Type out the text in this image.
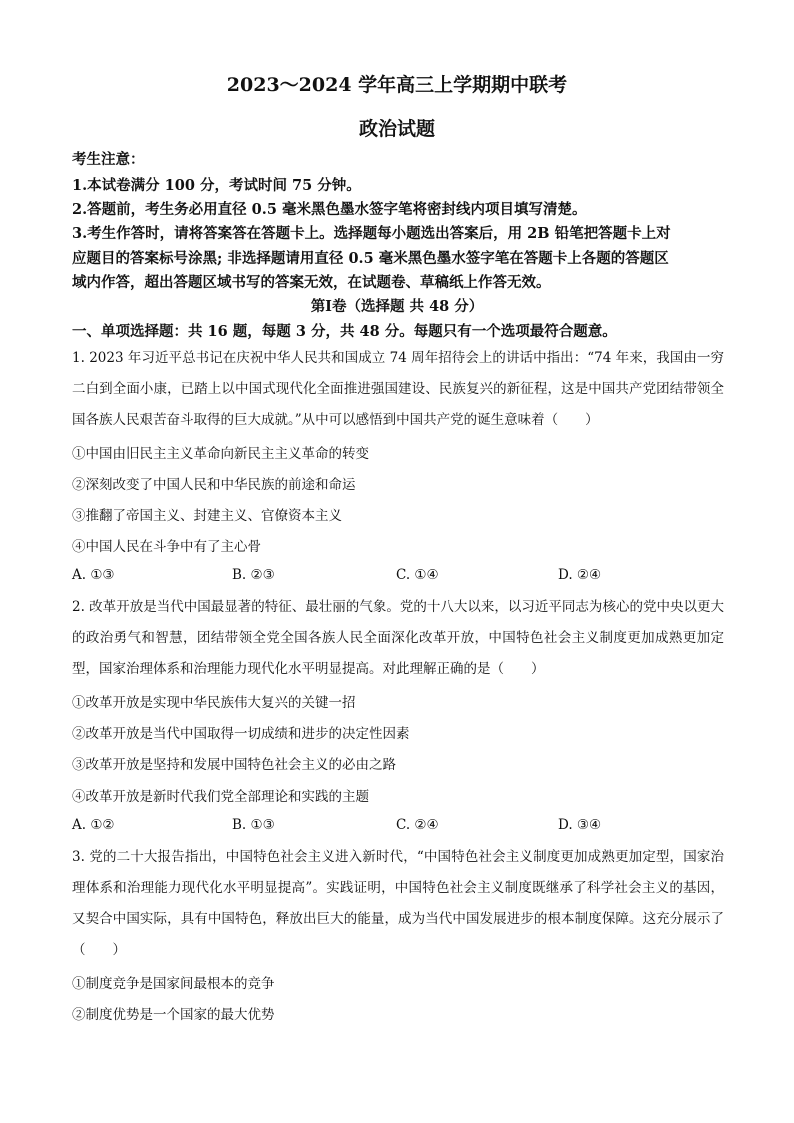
2023～2024 学年高三上学期期中联考
政治试题
考生注意：
1.本试卷满分 100 分，考试时间 75 分钟。
2.答题前，考生务必用直径 0.5 毫米黑色墨水签字笔将密封线内项目填写清楚。
3.考生作答时，请将答案答在答题卡上。选择题每小题选出答案后，用 2B 铅笔把答题卡上对
应题目的答案标号涂黑; 非选择题请用直径 0.5 毫米黑色墨水签字笔在答题卡上各题的答题区
域内作答，超出答题区域书写的答案无效，在试题卷、草稿纸上作答无效。
第Ⅰ卷（选择题 共 48 分）
一、单项选择题：共 16 题，每题 3 分，共 48 分。每题只有一个选项最符合题意。
1. 2023 年习近平总书记在庆祝中华人民共和国成立 74 周年招待会上的讲话中指出：“74 年来，我国由一穷二白到全面小康，已踏上以中国式现代化全面推进强国建设、民族复兴的新征程，这是中国共产党团结带领全国各族人民艰苦奋斗取得的巨大成就。”从中可以感悟到中国共产党的诞生意味着（　　）
①中国由旧民主主义革命向新民主主义革命的转变
②深刻改变了中国人民和中华民族的前途和命运
③推翻了帝国主义、封建主义、官僚资本主义
④中国人民在斗争中有了主心骨
A. ①③	B. ②③	C. ①④	D. ②④
2. 改革开放是当代中国最显著的特征、最壮丽的气象。党的十八大以来，以习近平同志为核心的党中央以更大的政治勇气和智慧，团结带领全党全国各族人民全面深化改革开放，中国特色社会主义制度更加成熟更加定型，国家治理体系和治理能力现代化水平明显提高。对此理解正确的是（　　）
①改革开放是实现中华民族伟大复兴的关键一招
②改革开放是当代中国取得一切成绩和进步的决定性因素
③改革开放是坚持和发展中国特色社会主义的必由之路
④改革开放是新时代我们党全部理论和实践的主题
A. ①②	B. ①③	C. ②④	D. ③④
3. 党的二十大报告指出，中国特色社会主义进入新时代，“中国特色社会主义制度更加成熟更加定型，国家治理体系和治理能力现代化水平明显提高”。实践证明，中国特色社会主义制度既继承了科学社会主义的基因，又契合中国实际，具有中国特色，释放出巨大的能量，成为当代中国发展进步的根本制度保障。这充分展示了（　　）
①制度竞争是国家间最根本的竞争
②制度优势是一个国家的最大优势
